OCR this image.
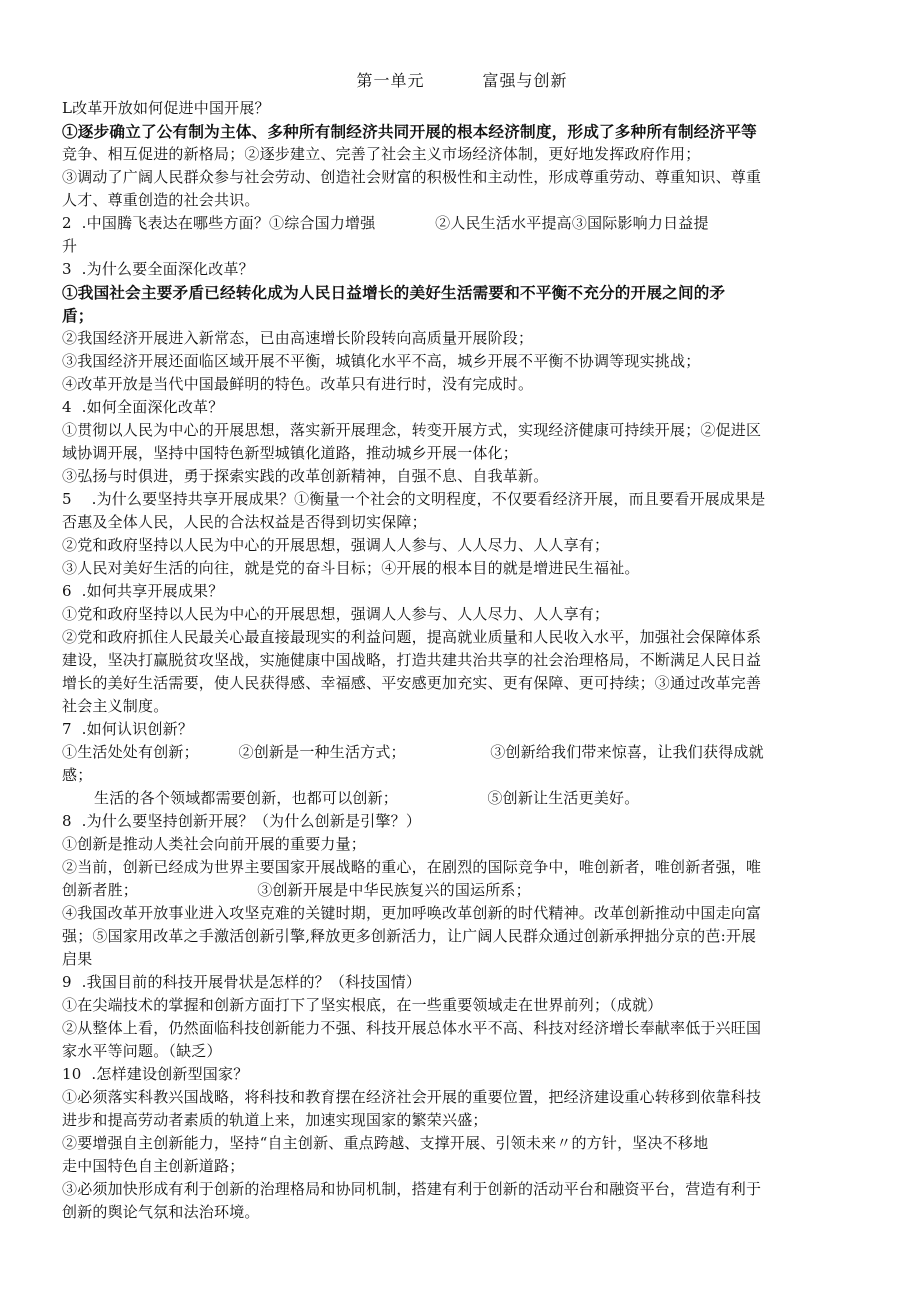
第一单元	富强与创新
L改革开放如何促进中国开展？
①逐步确立了公有制为主体、多种所有制经济共同开展的根本经济制度，形成了多种所有制经济平等
竞争、相互促进的新格局；②逐步建立、完善了社会主义市场经济体制，更好地发挥政府作用；
③调动了广阔人民群众参与社会劳动、创造社会财富的积极性和主动性，形成尊重劳动、尊重知识、尊重
人才、尊重创造的社会共识。
2  .中国腾飞表达在哪些方面？①综合国力增强            ②人民生活水平提高③国际影响力日益提
升
3  .为什么要全面深化改革？
①我国社会主要矛盾已经转化成为人民日益增长的美好生活需要和不平衡不充分的开展之间的矛
盾；
②我国经济开展进入新常态，已由高速增长阶段转向高质量开展阶段；
③我国经济开展还面临区域开展不平衡，城镇化水平不高，城乡开展不平衡不协调等现实挑战；
④改革开放是当代中国最鲜明的特色。改革只有进行时，没有完成时。
4  .如何全面深化改革？
①贯彻以人民为中心的开展思想，落实新开展理念，转变开展方式，实现经济健康可持续开展；②促进区
域协调开展，坚持中国特色新型城镇化道路，推动城乡开展一体化；
③弘扬与时俱进，勇于探索实践的改革创新精神，自强不息、自我革新。
5    .为什么要坚持共享开展成果？①衡量一个社会的文明程度，不仅要看经济开展，而且要看开展成果是
否惠及全体人民，人民的合法权益是否得到切实保障；
②党和政府坚持以人民为中心的开展思想，强调人人参与、人人尽力、人人享有；
③人民对美好生活的向往，就是党的奋斗目标；④开展的根本目的就是增进民生福祉。
6  .如何共享开展成果？
①党和政府坚持以人民为中心的开展思想，强调人人参与、人人尽力、人人享有；
②党和政府抓住人民最关心最直接最现实的利益问题，提高就业质量和人民收入水平，加强社会保障体系
建设，坚决打赢脱贫攻坚战，实施健康中国战略，打造共建共治共享的社会治理格局，不断满足人民日益
增长的美好生活需要，使人民获得感、幸福感、平安感更加充实、更有保障、更可持续；③通过改革完善
社会主义制度。
7  .如何认识创新？
①生活处处有创新；        ②创新是一种生活方式；                 ③创新给我们带来惊喜，让我们获得成就
感；
生活的各个领域都需要创新，也都可以创新；                  ⑤创新让生活更美好。
8  .为什么要坚持创新开展？（为什么创新是引擎？）
①创新是推动人类社会向前开展的重要力量；
②当前，创新已经成为世界主要国家开展战略的重心，在剧烈的国际竞争中，唯创新者，唯创新者强，唯
创新者胜；                        ③创新开展是中华民族复兴的国运所系；
④我国改革开放事业进入攻坚克难的关键时期，更加呼唤改革创新的时代精神。改革创新推动中国走向富
强；⑤国家用改革之手激活创新引擎,释放更多创新活力，让广阔人民群众通过创新承押拙分京的芭:开展
启果
9  .我国目前的科技开展骨状是怎样的？（科技国情）
①在尖端技术的掌握和创新方面打下了坚实根底，在一些重要领域走在世界前列；（成就）
②从整体上看，仍然面临科技创新能力不强、科技开展总体水平不高、科技对经济增长奉献率低于兴旺国
家水平等问题。（缺乏）
10  .怎样建设创新型国家？
①必须落实科教兴国战略，将科技和教育摆在经济社会开展的重要位置，把经济建设重心转移到依靠科技
进步和提高劳动者素质的轨道上来，加速实现国家的繁荣兴盛；
②要增强自主创新能力，坚持“自主创新、重点跨越、支撑开展、引领未来〃的方针，坚决不移地
走中国特色自主创新道路；
③必须加快形成有利于创新的治理格局和协同机制，搭建有利于创新的活动平台和融资平台，营造有利于
创新的舆论气氛和法治环境。
